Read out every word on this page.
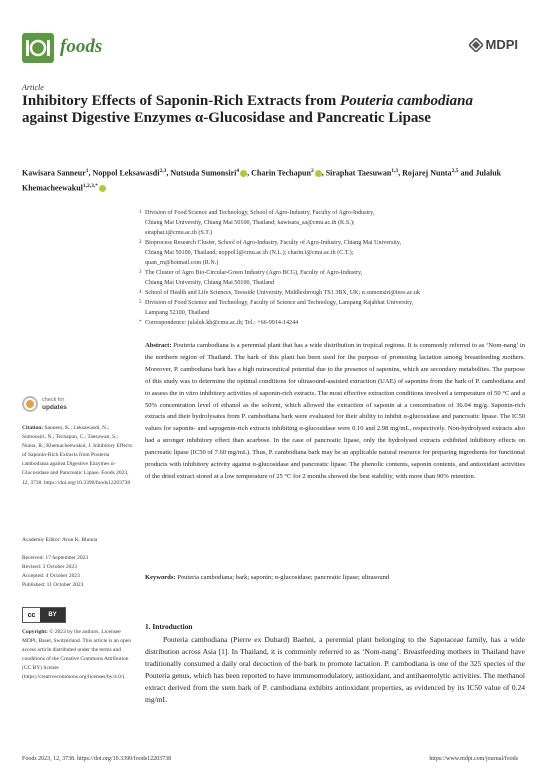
foods	MDPI
Article
Inhibitory Effects of Saponin-Rich Extracts from Pouteria cambodiana against Digestive Enzymes α-Glucosidase and Pancreatic Lipase
Kawisara Sanneur$^1$, Noppol Leksawasdi$^{2,3}$, Nutsuda Sumonsiri$^4$ , Charin Techapun$^2$ , Siraphat Taesuwan$^{1,3}$, Rojarej Nunta$^{2,5}$ and Julaluk Khemacheewakul$^{1,2,3,*}$
1 Division of Food Science and Technology, School of Agro-Industry, Faculty of Agro-Industry,
Chiang Mai University, Chiang Mai 50100, Thailand; kawisara_sa@cmu.ac.th (K.S.);
siraphat.t@cmu.ac.th (S.T.)
2 Bioprocess Research Cluster, School of Agro-Industry, Faculty of Agro-Industry, Chiang Mai University,
Chiang Mai 50100, Thailand; noppol.l@cmu.ac.th (N.L.); charin.t@cmu.ac.th (C.T.);
quan_rn@hotmail.com (R.N.)
3 The Cluster of Agro Bio-Circular-Green Industry (Agro BCG), Faculty of Agro-Industry,
Chiang Mai University, Chiang Mai 50100, Thailand
4 School of Health and Life Sciences, Teesside University, Middlesbrough TS1 3BX, UK; n.sumonsiri@tees.ac.uk
5 Division of Food Science and Technology, Faculty of Science and Technology, Lampang Rajabhat University,
Lampang 52100, Thailand
* Correspondence: julaluk.kh@cmu.ac.th; Tel.: +66-9914-14244
Abstract: Pouteria cambodiana is a perennial plant that has a wide distribution in tropical regions. It is commonly referred to as ‘Nom-nang’ in the northern region of Thailand. The bark of this plant has been used for the purpose of promoting lactation among breastfeeding mothers. Moreover, P. cambodiana bark has a high nutraceutical potential due to the presence of saponins, which are secondary metabolites. The purpose of this study was to determine the optimal conditions for ultrasound-assisted extraction (UAE) of saponins from the bark of P. cambodiana and to assess the in vitro inhibitory activities of saponin-rich extracts. The most effective extraction conditions involved a temperature of 50 °C and a 50% concentration level of ethanol as the solvent, which allowed the extraction of saponin at a concentration of 36.04 mg/g. Saponin-rich extracts and their hydrolysates from P. cambodiana bark were evaluated for their ability to inhibit α-glucosidase and pancreatic lipase. The IC50 values for saponin- and sapogenin-rich extracts inhibiting α-glucosidase were 0.10 and 2.98 mg/mL, respectively. Non-hydrolysed extracts also had a stronger inhibitory effect than acarbose. In the case of pancreatic lipase, only the hydrolysed extracts exhibited inhibitory effects on pancreatic lipase (IC50 of 7.60 mg/mL). Thus, P. cambodiana bark may be an applicable natural resource for preparing ingredients for functional products with inhibitory activity against α-glucosidase and pancreatic lipase. The phenolic contents, saponin contents, and antioxidant activities of the dried extract stored at a low temperature of 25 °C for 2 months showed the best stability, with more than 90% retention.
Keywords: Pouteria cambodiana; bark; saponin; α-glucosidase; pancreatic lipase; ultrasound
1. Introduction
Pouteria cambodiana (Pierre ex Dubard) Baehni, a perennial plant belonging to the Sapotaceae family, has a wide distribution across Asia [1]. In Thailand, it is commonly referred to as ‘Nom-nang’. Breastfeeding mothers in Thailand have traditionally consumed a daily oral decoction of the bark to promote lactation. P. cambodiana is one of the 325 species of the Pouteria genus, which has been reported to have immunomodulatory, antioxidant, and antihaemolytic activities. The methanol extract derived from the stem bark of P. cambodiana exhibits antioxidant properties, as evidenced by its IC50 value of 0.24 mg/mL
check for
updates
Citation: Sanneur, K.; Leksawasdi, N.; Sumonsiri, N.; Techapun, C.; Taesuwan, S.; Nunta, R.; Khemacheewakul, J. Inhibitory Effects of Saponin-Rich Extracts from Pouteria cambodiana against Digestive Enzymes α-Glucosidase and Pancreatic Lipase. Foods 2023, 12, 3738. https://doi.org/10.3390/foods12203738
Academic Editor: Arun K. Bhunia
Received: 17 September 2023
Revised: 3 October 2023
Accepted: 4 October 2023
Published: 11 October 2023
cc	BY
Copyright: © 2023 by the authors. Licensee MDPI, Basel, Switzerland. This article is an open access article distributed under the terms and conditions of the Creative Commons Attribution (CC BY) license (https://creativecommons.org/licenses/by/4.0/).
Foods 2023, 12, 3738. https://doi.org/10.3390/foods12203738	https://www.mdpi.com/journal/foods
